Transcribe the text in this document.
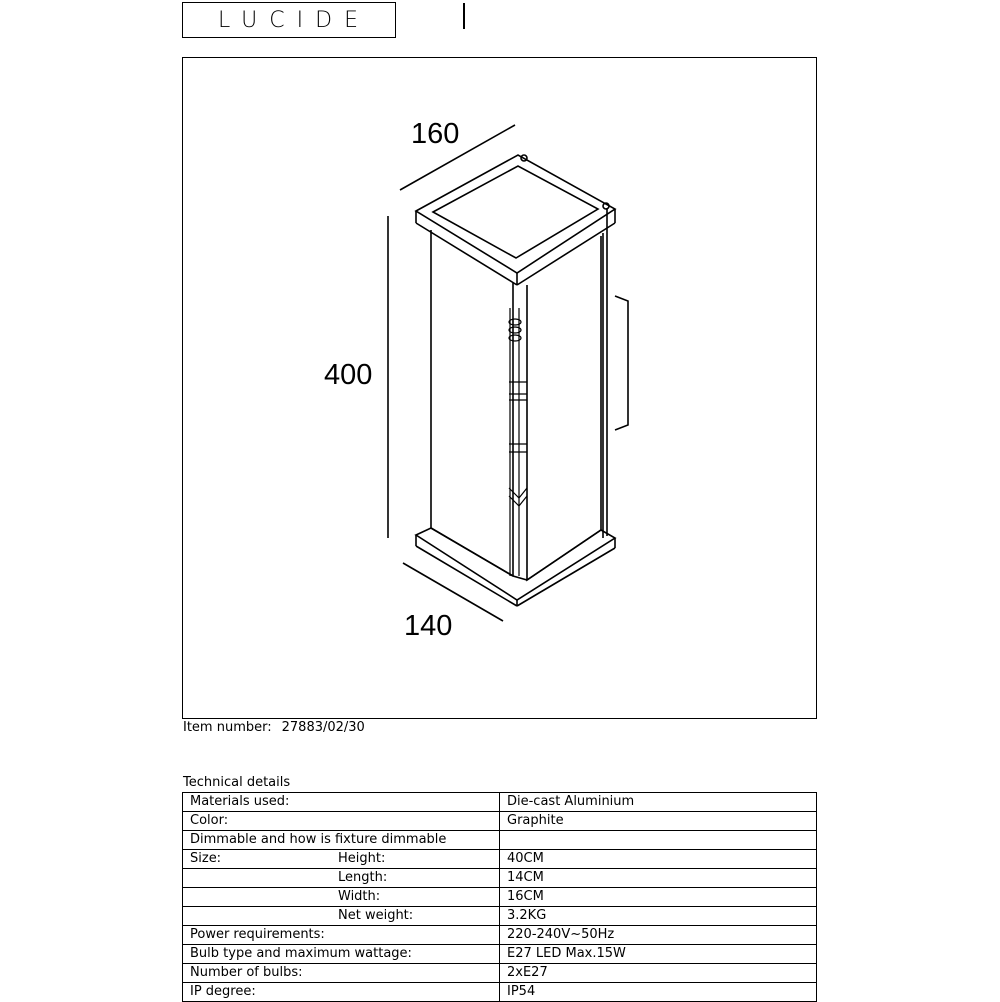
LUCIDE
160
400
140
Item number: 27883/02/30
Technical details
Materials used:	Die-cast Aluminium
Color:	Graphite
Dimmable and how is fixture dimmable	
Size: Height:	40CM
Length:	14CM
Width:	16CM
Net weight:	3.2KG
Power requirements:	220-240V~50Hz
Bulb type and maximum wattage:	E27 LED Max.15W
Number of bulbs:	2xE27
IP degree:	IP54
